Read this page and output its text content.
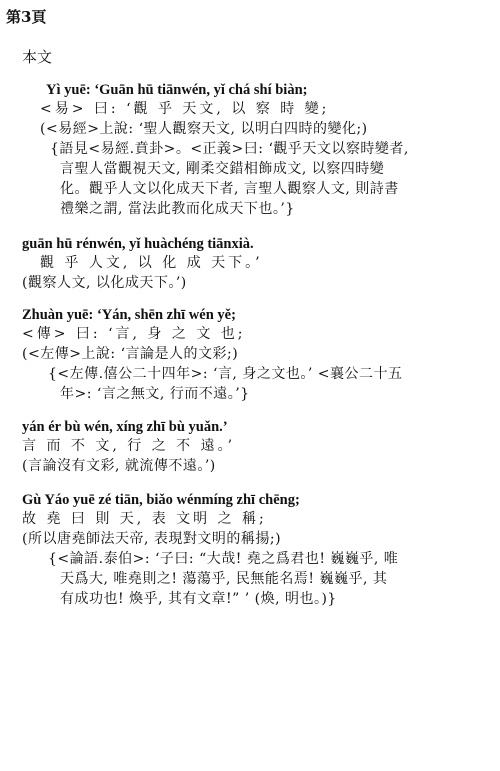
第3頁
本文
Yì yuē: ‘Guān hū tiānwén, yǐ chá shí biàn;
<易> 曰: ‘觀 乎 天文, 以 察 時 變;
(<易經>上說: ‘聖人觀察天文, 以明白四時的變化;)
{語見<易經.賁卦>。<正義>曰: ‘觀乎天文以察時變者,
言聖人當觀視天文, 剛柔交錯相飾成文, 以察四時變
化。觀乎人文以化成天下者, 言聖人觀察人文, 則詩書
禮樂之謂, 當法此教而化成天下也。’}
guān hū rénwén, yǐ huàchéng tiānxià.
觀 乎 人文, 以 化 成 天下。’
(觀察人文, 以化成天下。’)
Zhuàn yuē: ‘Yán, shēn zhī wén yě;
<傳> 曰: ‘言, 身 之 文 也;
(<左傳>上說: ‘言論是人的文彩;)
{<左傳.僖公二十四年>: ‘言, 身之文也。’ <襄公二十五
年>: ‘言之無文, 行而不遠。’}
yán ér bù wén, xíng zhī bù yuǎn.’
言 而 不 文, 行 之 不 遠。’
(言論沒有文彩, 就流傳不遠。’)
Gù Yáo yuē zé tiān, biǎo wénmíng zhī chēng;
故 堯 曰 則 天, 表 文明 之 稱;
(所以唐堯師法天帝, 表現對文明的稱揚;)
{<論語.泰伯>: ‘子曰: “大哉! 堯之爲君也! 巍巍乎, 唯
天爲大, 唯堯則之! 蕩蕩乎, 民無能名焉! 巍巍乎, 其
有成功也! 煥乎, 其有文章!” ’ (煥, 明也。)}
